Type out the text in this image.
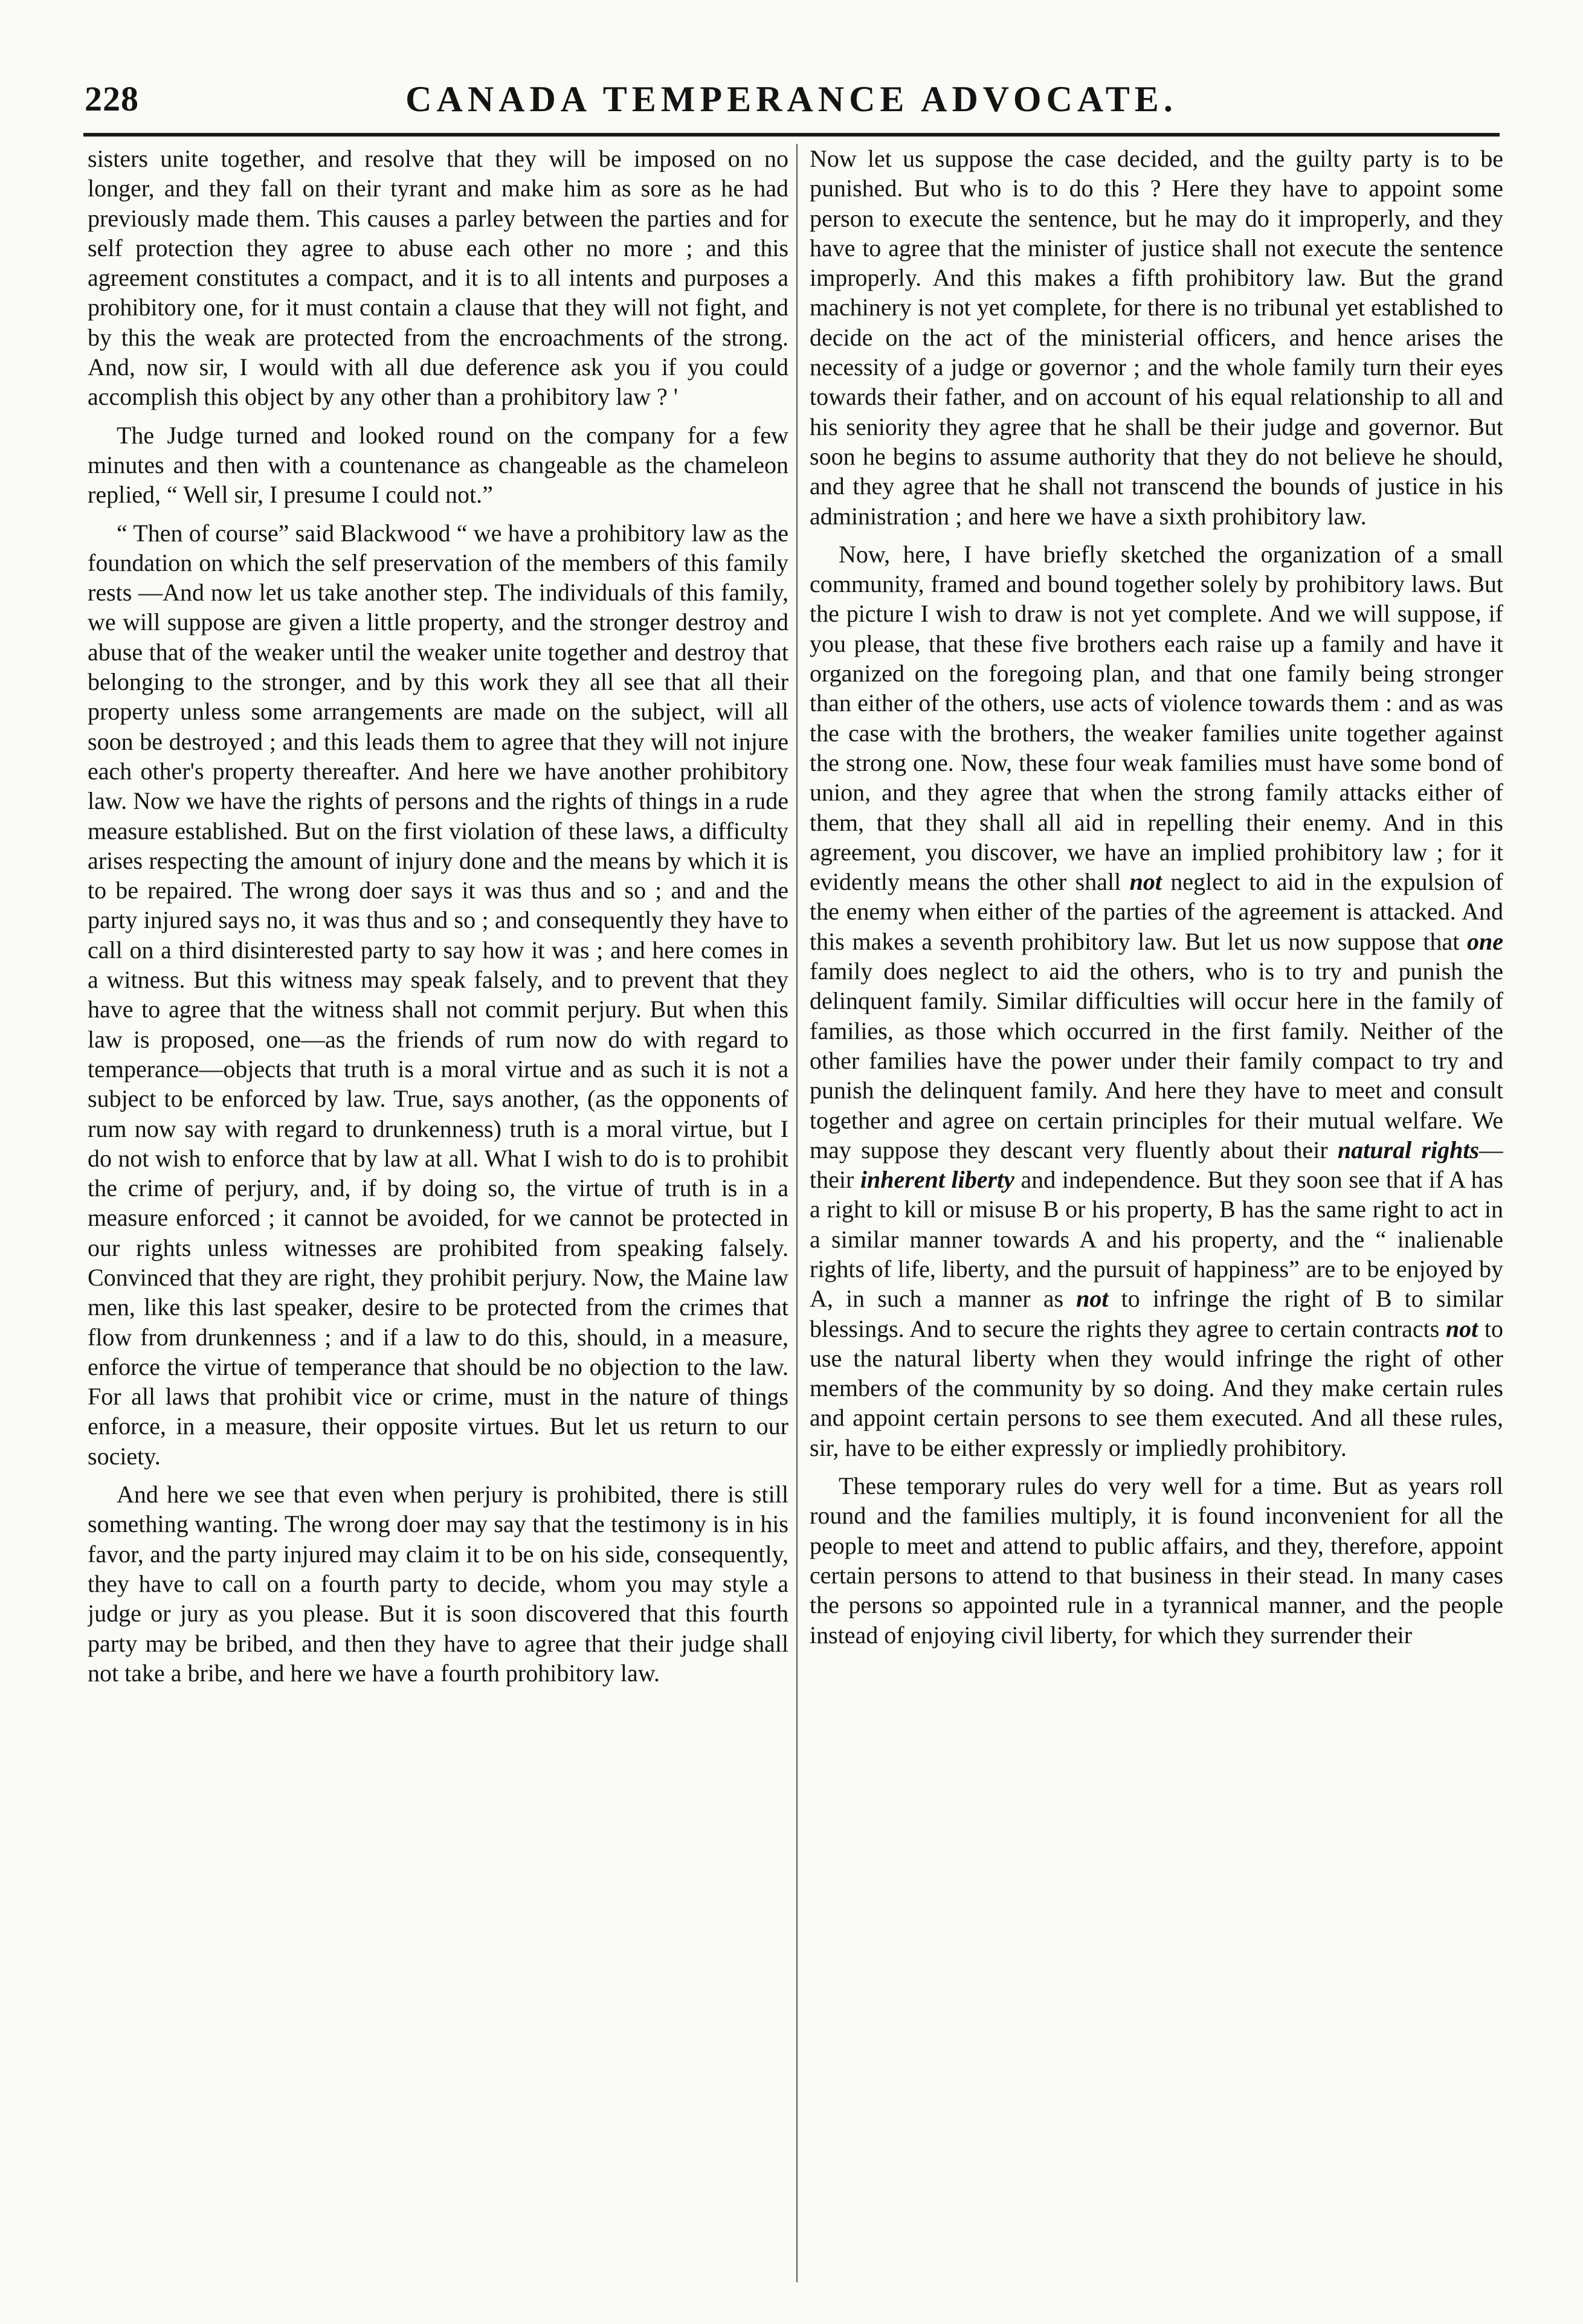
228	CANADA TEMPERANCE ADVOCATE.

sisters unite together, and resolve that they will be imposed on no longer, and they fall on their tyrant and make him as sore as he had previously made them. This causes a parley between the parties and for self protection they agree to abuse each other no more ; and this agreement constitutes a compact, and it is to all intents and purposes a prohibitory one, for it must contain a clause that they will not fight, and by this the weak are protected from the encroachments of the strong. And, now sir, I would with all due deference ask you if you could accomplish this object by any other than a prohibitory law ? '

The Judge turned and looked round on the company for a few minutes and then with a countenance as changeable as the chameleon replied, “ Well sir, I presume I could not.”

“ Then of course” said Blackwood “ we have a prohibitory law as the foundation on which the self preservation of the members of this family rests —And now let us take another step. The individuals of this family, we will suppose are given a little property, and the stronger destroy and abuse that of the weaker until the weaker unite together and destroy that belonging to the stronger, and by this work they all see that all their property unless some arrangements are made on the subject, will all soon be destroyed ; and this leads them to agree that they will not injure each other's property thereafter. And here we have another prohibitory law. Now we have the rights of persons and the rights of things in a rude measure established. But on the first violation of these laws, a difficulty arises respecting the amount of injury done and the means by which it is to be repaired. The wrong doer says it was thus and so ; and and the party injured says no, it was thus and so ; and consequently they have to call on a third disinterested party to say how it was ; and here comes in a witness. But this witness may speak falsely, and to prevent that they have to agree that the witness shall not commit perjury. But when this law is proposed, one—as the friends of rum now do with regard to temperance—objects that truth is a moral virtue and as such it is not a subject to be enforced by law. True, says another, (as the opponents of rum now say with regard to drunkenness) truth is a moral virtue, but I do not wish to enforce that by law at all. What I wish to do is to prohibit the crime of perjury, and, if by doing so, the virtue of truth is in a measure enforced ; it cannot be avoided, for we cannot be protected in our rights unless witnesses are prohibited from speaking falsely. Convinced that they are right, they prohibit perjury. Now, the Maine law men, like this last speaker, desire to be protected from the crimes that flow from drunkenness ; and if a law to do this, should, in a measure, enforce the virtue of temperance that should be no objection to the law. For all laws that prohibit vice or crime, must in the nature of things enforce, in a measure, their opposite virtues. But let us return to our society.

And here we see that even when perjury is prohibited, there is still something wanting. The wrong doer may say that the testimony is in his favor, and the party injured may claim it to be on his side, consequently, they have to call on a fourth party to decide, whom you may style a judge or jury as you please. But it is soon discovered that this fourth party may be bribed, and then they have to agree that their judge shall not take a bribe, and here we have a fourth prohibitory law.

Now let us suppose the case decided, and the guilty party is to be punished. But who is to do this ? Here they have to appoint some person to execute the sentence, but he may do it improperly, and they have to agree that the minister of justice shall not execute the sentence improperly. And this makes a fifth prohibitory law. But the grand machinery is not yet complete, for there is no tribunal yet established to decide on the act of the ministerial officers, and hence arises the necessity of a judge or governor ; and the whole family turn their eyes towards their father, and on account of his equal relationship to all and his seniority they agree that he shall be their judge and governor. But soon he begins to assume authority that they do not believe he should, and they agree that he shall not transcend the bounds of justice in his administration ; and here we have a sixth prohibitory law.

Now, here, I have briefly sketched the organization of a small community, framed and bound together solely by prohibitory laws. But the picture I wish to draw is not yet complete. And we will suppose, if you please, that these five brothers each raise up a family and have it organized on the foregoing plan, and that one family being stronger than either of the others, use acts of violence towards them : and as was the case with the brothers, the weaker families unite together against the strong one. Now, these four weak families must have some bond of union, and they agree that when the strong family attacks either of them, that they shall all aid in repelling their enemy. And in this agreement, you discover, we have an implied prohibitory law ; for it evidently means the other shall not neglect to aid in the expulsion of the enemy when either of the parties of the agreement is attacked. And this makes a seventh prohibitory law. But let us now suppose that one family does neglect to aid the others, who is to try and punish the delinquent family. Similar difficulties will occur here in the family of families, as those which occurred in the first family. Neither of the other families have the power under their family compact to try and punish the delinquent family. And here they have to meet and consult together and agree on certain principles for their mutual welfare. We may suppose they descant very fluently about their natural rights—their inherent liberty and independence. But they soon see that if A has a right to kill or misuse B or his property, B has the same right to act in a similar manner towards A and his property, and the “ inalienable rights of life, liberty, and the pursuit of happiness” are to be enjoyed by A, in such a manner as not to infringe the right of B to similar blessings. And to secure the rights they agree to certain contracts not to use the natural liberty when they would infringe the right of other members of the community by so doing. And they make certain rules and appoint certain persons to see them executed. And all these rules, sir, have to be either expressly or impliedly prohibitory.

These temporary rules do very well for a time. But as years roll round and the families multiply, it is found inconvenient for all the people to meet and attend to public affairs, and they, therefore, appoint certain persons to attend to that business in their stead. In many cases the persons so appointed rule in a tyrannical manner, and the people instead of enjoying civil liberty, for which they surrender their
